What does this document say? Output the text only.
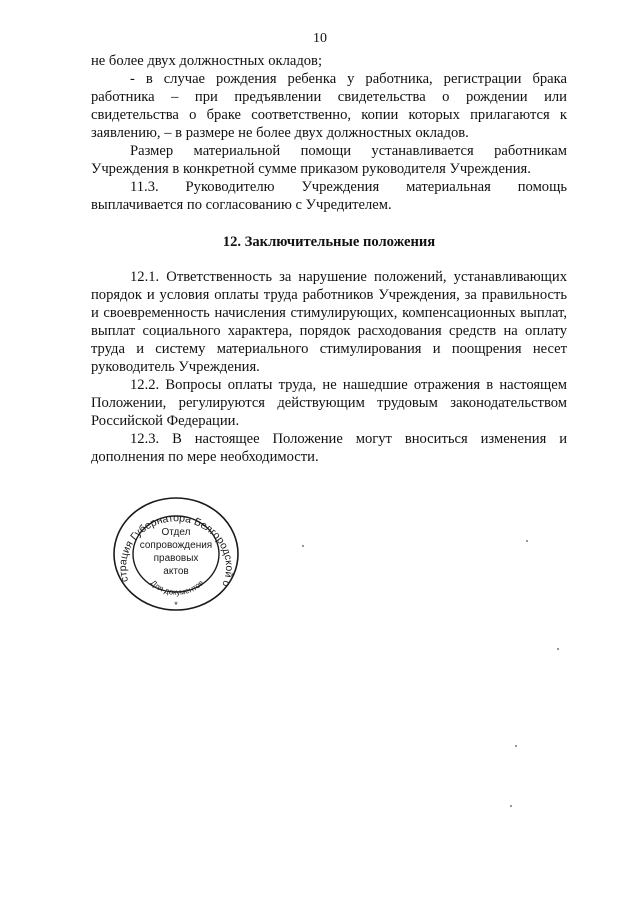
10

не более двух должностных окладов;

- в случае рождения ребенка у работника, регистрации брака работника – при предъявлении свидетельства о рождении или свидетельства о браке соответственно, копии которых прилагаются к заявлению, – в размере не более двух должностных окладов.

Размер материальной помощи устанавливается работникам Учреждения в конкретной сумме приказом руководителя Учреждения.

11.3. Руководителю Учреждения материальная помощь выплачивается по согласованию с Учредителем.

12. Заключительные положения

12.1. Ответственность за нарушение положений, устанавливающих порядок и условия оплаты труда работников Учреждения, за правильность и своевременность начисления стимулирующих, компенсационных выплат, выплат социального характера, порядок расходования средств на оплату труда и систему материального стимулирования и поощрения несет руководитель Учреждения.

12.2. Вопросы оплаты труда, не нашедшие отражения в настоящем Положении, регулируются действующим трудовым законодательством Российской Федерации.

12.3. В настоящее Положение могут вноситься изменения и дополнения по мере необходимости.

страция Губернатора Белгородской о
Для документов
Отдел
сопровождения
правовых
актов
*
